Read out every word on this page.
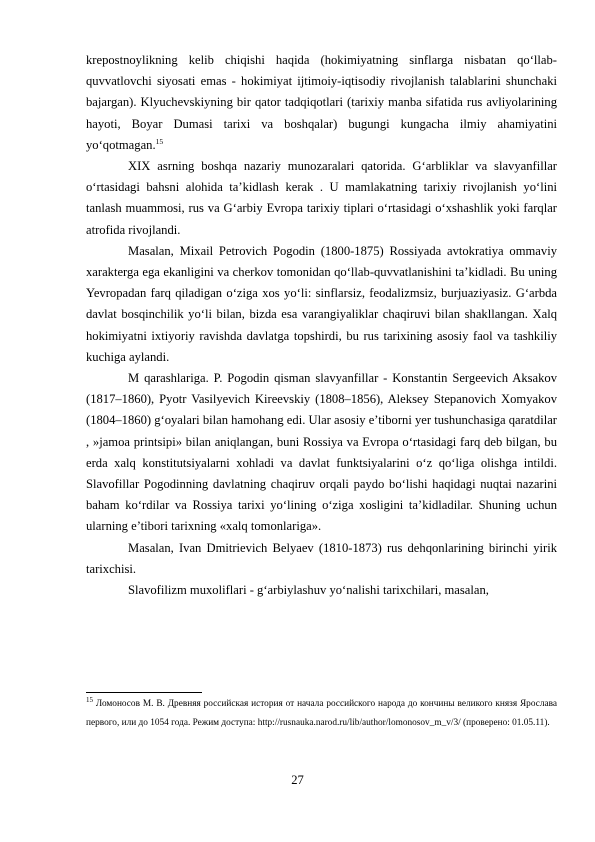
krepostnoylikning kelib chiqishi haqida (hokimiyatning sinflarga nisbatan qo‘llab-quvvatlovchi siyosati emas - hokimiyat ijtimoiy-iqtisodiy rivojlanish talablarini shunchaki bajargan). Klyuchevskiyning bir qator tadqiqotlari (tarixiy manba sifatida rus avliyolarining hayoti, Boyar Dumasi tarixi va boshqalar) bugungi kungacha ilmiy ahamiyatini yo‘qotmagan.$^{15}$

XIX asrning boshqa nazariy munozaralari qatorida. G‘arbliklar va slavyanfillar o‘rtasidagi bahsni alohida ta’kidlash kerak . U mamlakatning tarixiy rivojlanish yo‘lini tanlash muammosi, rus va G‘arbiy Evropa tarixiy tiplari o‘rtasidagi o‘xshashlik yoki farqlar atrofida rivojlandi.

Masalan, Mixail Petrovich Pogodin (1800-1875) Rossiyada avtokratiya ommaviy xarakterga ega ekanligini va cherkov tomonidan qo‘llab-quvvatlanishini ta’kidladi. Bu uning Yevropadan farq qiladigan o‘ziga xos yo‘li: sinflarsiz, feodalizmsiz, burjuaziyasiz. G‘arbda davlat bosqinchilik yo‘li bilan, bizda esa varangiyaliklar chaqiruvi bilan shakllangan. Xalq hokimiyatni ixtiyoriy ravishda davlatga topshirdi, bu rus tarixining asosiy faol va tashkiliy kuchiga aylandi.

M qarashlariga. P. Pogodin qisman slavyanfillar - Konstantin Sergeevich Aksakov (1817–1860), Pyotr Vasilyevich Kireevskiy (1808–1856), Aleksey Stepanovich Xomyakov (1804–1860) g‘oyalari bilan hamohang edi. Ular asosiy e’tiborni yer tushunchasiga qaratdilar , »jamoa printsipi» bilan aniqlangan, buni Rossiya va Evropa o‘rtasidagi farq deb bilgan, bu erda xalq konstitutsiyalarni xohladi va davlat funktsiyalarini o‘z qo‘liga olishga intildi. Slavofillar Pogodinning davlatning chaqiruv orqali paydo bo‘lishi haqidagi nuqtai nazarini baham ko‘rdilar va Rossiya tarixi yo‘lining o‘ziga xosligini ta’kidladilar. Shuning uchun ularning e’tibori tarixning «xalq tomonlariga».

Masalan, Ivan Dmitrievich Belyaev (1810-1873) rus dehqonlarining birinchi yirik tarixchisi.

Slavofilizm muxoliflari - g‘arbiylashuv yo‘nalishi tarixchilari, masalan,

$^{15}$ Ломоносов М. В. Древняя российская история от начала российского народа до кончины великого князя Ярослава первого, или до 1054 года. Режим доступа: http://rusnauka.narod.ru/lib/author/lomonosov_m_v/3/ (проверено: 01.05.11).
27
